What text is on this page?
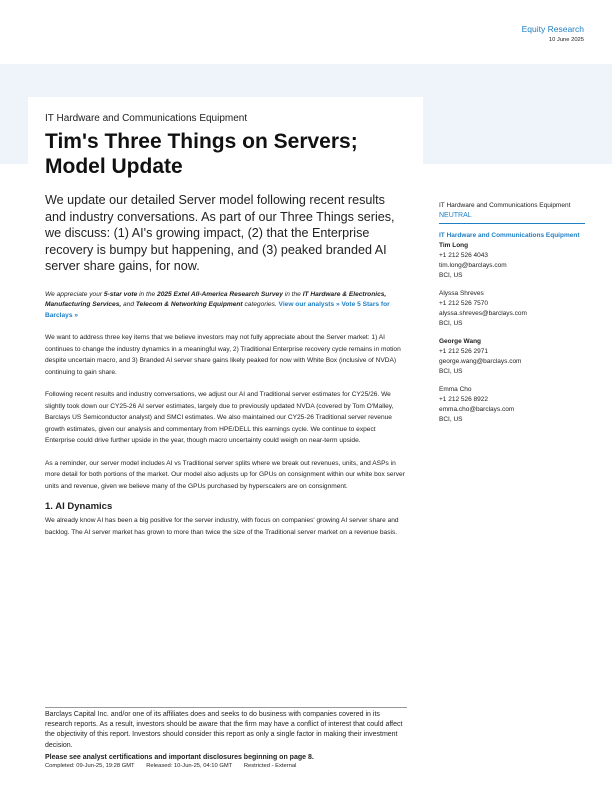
Equity Research
10 June 2025
IT Hardware and Communications Equipment
Tim's Three Things on Servers;
Model Update
We update our detailed Server model following recent results and industry conversations. As part of our Three Things series, we discuss: (1) AI's growing impact, (2) that the Enterprise recovery is bumpy but happening, and (3) peaked branded AI server share gains, for now.
We appreciate your 5-star vote in the 2025 Extel All-America Research Survey in the IT Hardware & Electronics, Manufacturing Services, and Telecom & Networking Equipment categories. View our analysts » Vote 5 Stars for Barclays »
We want to address three key items that we believe investors may not fully appreciate about the Server market: 1) AI continues to change the industry dynamics in a meaningful way, 2) Traditional Enterprise recovery cycle remains in motion despite uncertain macro, and 3) Branded AI server share gains likely peaked for now with White Box (inclusive of NVDA) continuing to gain share.
Following recent results and industry conversations, we adjust our AI and Traditional server estimates for CY25/26. We slightly took down our CY25-26 AI server estimates, largely due to previously updated NVDA (covered by Tom O'Malley, Barclays US Semiconductor analyst) and SMCI estimates. We also maintained our CY25-26 Traditional server revenue growth estimates, given our analysis and commentary from HPE/DELL this earnings cycle. We continue to expect Enterprise could drive further upside in the year, though macro uncertainty could weigh on near-term upside.
As a reminder, our server model includes AI vs Traditional server splits where we break out revenues, units, and ASPs in more detail for both portions of the market. Our model also adjusts up for GPUs on consignment within our white box server units and revenue, given we believe many of the GPUs purchased by hyperscalers are on consignment.
1. AI Dynamics
We already know AI has been a big positive for the server industry, with focus on companies' growing AI server share and backlog. The AI server market has grown to more than twice the size of the Traditional server market on a revenue basis.
IT Hardware and Communications Equipment
NEUTRAL
IT Hardware and Communications Equipment
Tim Long
+1 212 526 4043
tim.long@barclays.com
BCI, US
Alyssa Shreves
+1 212 526 7570
alyssa.shreves@barclays.com
BCI, US
George Wang
+1 212 526 2971
george.wang@barclays.com
BCI, US
Emma Cho
+1 212 526 8922
emma.cho@barclays.com
BCI, US
Barclays Capital Inc. and/or one of its affiliates does and seeks to do business with companies covered in its research reports. As a result, investors should be aware that the firm may have a conflict of interest that could affect the objectivity of this report. Investors should consider this report as only a single factor in making their investment decision.
Please see analyst certifications and important disclosures beginning on page 8.
Completed: 09-Jun-25, 19:28 GMT Released: 10-Jun-25, 04:10 GMT Restricted - External
